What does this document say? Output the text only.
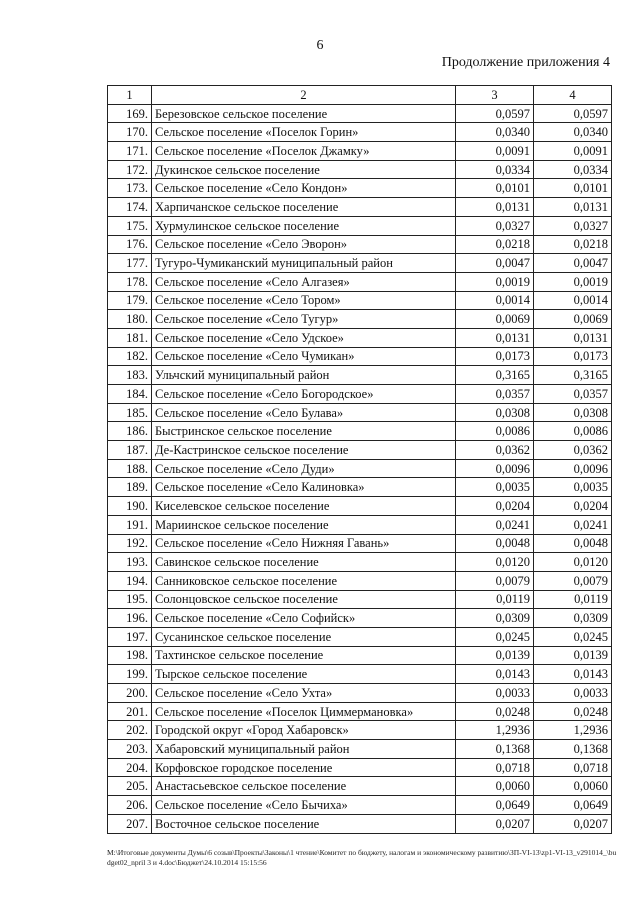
6
Продолжение приложения 4
1	2	3	4
169.	Березовское сельское поселение	0,0597	0,0597
170.	Сельское поселение «Поселок Горин»	0,0340	0,0340
171.	Сельское поселение «Поселок Джамку»	0,0091	0,0091
172.	Дукинское сельское поселение	0,0334	0,0334
173.	Сельское поселение «Село Кондон»	0,0101	0,0101
174.	Харпичанское сельское поселение	0,0131	0,0131
175.	Хурмулинское сельское поселение	0,0327	0,0327
176.	Сельское поселение «Село Эворон»	0,0218	0,0218
177.	Тугуро-Чумиканский муниципальный район	0,0047	0,0047
178.	Сельское поселение «Село Алгазея»	0,0019	0,0019
179.	Сельское поселение «Село Тором»	0,0014	0,0014
180.	Сельское поселение «Село Тугур»	0,0069	0,0069
181.	Сельское поселение «Село Удское»	0,0131	0,0131
182.	Сельское поселение «Село Чумикан»	0,0173	0,0173
183.	Ульчский муниципальный район	0,3165	0,3165
184.	Сельское поселение «Село Богородское»	0,0357	0,0357
185.	Сельское поселение «Село Булава»	0,0308	0,0308
186.	Быстринское сельское поселение	0,0086	0,0086
187.	Де-Кастринское сельское поселение	0,0362	0,0362
188.	Сельское поселение «Село Дуди»	0,0096	0,0096
189.	Сельское поселение «Село Калиновка»	0,0035	0,0035
190.	Киселевское сельское поселение	0,0204	0,0204
191.	Мариинское сельское поселение	0,0241	0,0241
192.	Сельское поселение «Село Нижняя Гавань»	0,0048	0,0048
193.	Савинское сельское поселение	0,0120	0,0120
194.	Санниковское сельское поселение	0,0079	0,0079
195.	Солонцовское сельское поселение	0,0119	0,0119
196.	Сельское поселение «Село Софийск»	0,0309	0,0309
197.	Сусанинское сельское поселение	0,0245	0,0245
198.	Тахтинское сельское поселение	0,0139	0,0139
199.	Тырское сельское поселение	0,0143	0,0143
200.	Сельское поселение «Село Ухта»	0,0033	0,0033
201.	Сельское поселение «Поселок Циммермановка»	0,0248	0,0248
202.	Городской округ «Город Хабаровск»	1,2936	1,2936
203.	Хабаровский муниципальный район	0,1368	0,1368
204.	Корфовское городское поселение	0,0718	0,0718
205.	Анастасьевское сельское поселение	0,0060	0,0060
206.	Сельское поселение «Село Бычиха»	0,0649	0,0649
207.	Восточное сельское поселение	0,0207	0,0207
M:\Итоговые документы Думы\6 созыв\Проекты\Законы\1 чтение\Комитет по бюджету, налогам и экономическому развитию\ЗП-VI-13\zp1-VI-13_v291014_\budget02_npril 3 и 4.doc\Бюджет\24.10.2014 15:15:56
